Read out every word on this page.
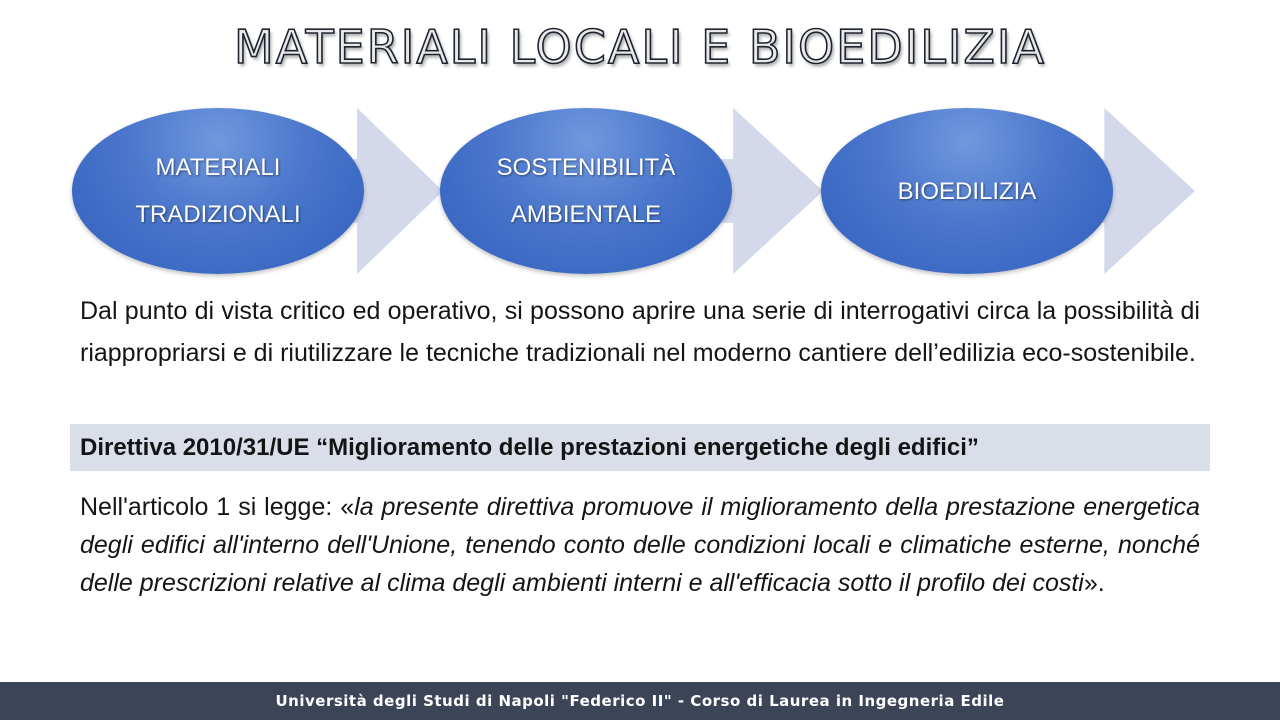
MATERIALI LOCALI E BIOEDILIZIA
MATERIALI
TRADIZIONALI
SOSTENIBILITÀ
AMBIENTALE
BIOEDILIZIA
Dal punto di vista critico ed operativo, si possono aprire una serie di interrogativi circa la possibilità di riappropriarsi e di riutilizzare le tecniche tradizionali nel moderno cantiere dell’edilizia eco-sostenibile.
Direttiva 2010/31/UE “Miglioramento delle prestazioni energetiche degli edifici”
Nell'articolo 1 si legge: «la presente direttiva promuove il miglioramento della prestazione energetica degli edifici all'interno dell'Unione, tenendo conto delle condizioni locali e climatiche esterne, nonché delle prescrizioni relative al clima degli ambienti interni e all'efficacia sotto il profilo dei costi».
Università degli Studi di Napoli "Federico II" - Corso di Laurea in Ingegneria Edile
